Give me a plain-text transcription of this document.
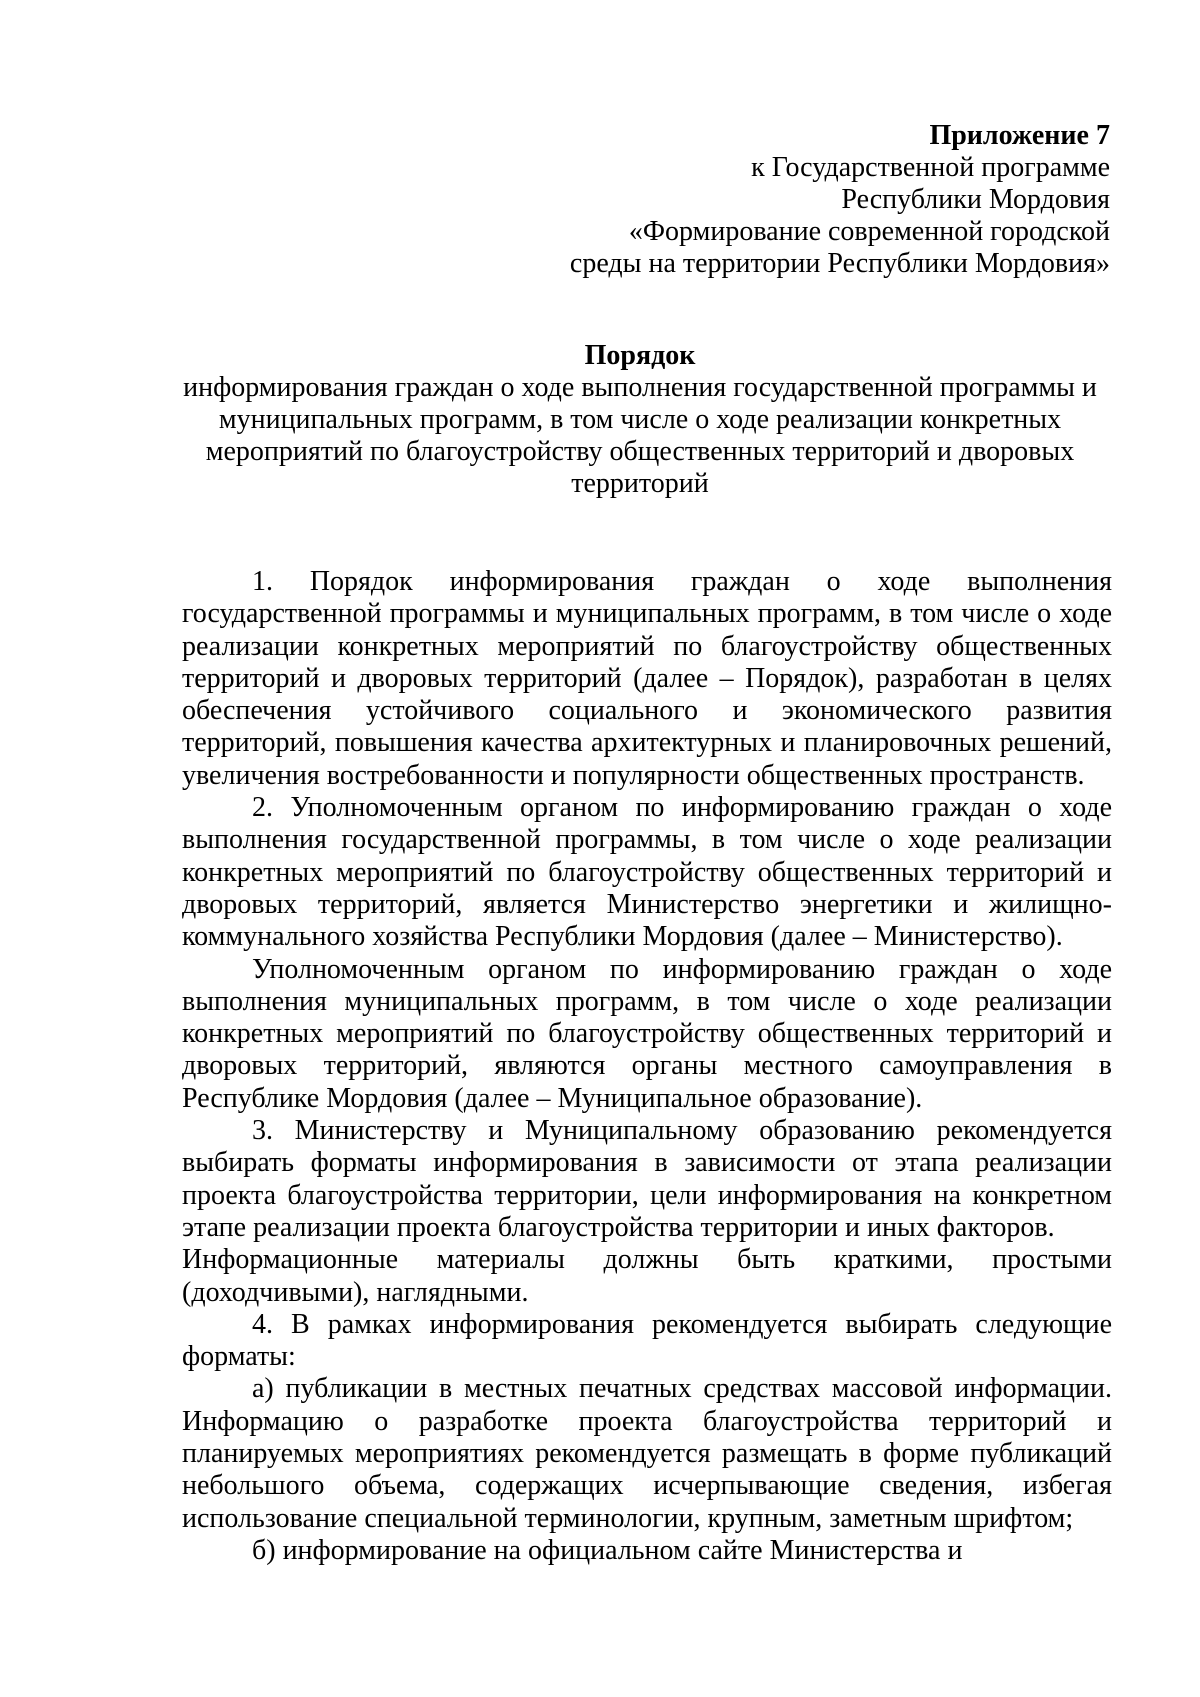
Приложение 7
к Государственной программе
Республики Мордовия
«Формирование современной городской
среды на территории Республики Мордовия»
Порядок
информирования граждан о ходе выполнения государственной программы и
муниципальных программ, в том числе о ходе реализации конкретных
мероприятий по благоустройству общественных территорий и дворовых
территорий

1. Порядок информирования граждан о ходе выполнения государственной программы и муниципальных программ, в том числе о ходе реализации конкретных мероприятий по благоустройству общественных территорий и дворовых территорий (далее – Порядок), разработан в целях обеспечения устойчивого социального и экономического развития территорий, повышения качества архитектурных и планировочных решений, увеличения востребованности и популярности общественных пространств.

2. Уполномоченным органом по информированию граждан о ходе выполнения государственной программы, в том числе о ходе реализации конкретных мероприятий по благоустройству общественных территорий и дворовых территорий, является Министерство энергетики и жилищно-коммунального хозяйства Республики Мордовия (далее – Министерство).

Уполномоченным органом по информированию граждан о ходе выполнения муниципальных программ, в том числе о ходе реализации конкретных мероприятий по благоустройству общественных территорий и дворовых территорий, являются органы местного самоуправления в Республике Мордовия (далее – Муниципальное образование).

3. Министерству и Муниципальному образованию рекомендуется выбирать форматы информирования в зависимости от этапа реализации проекта благоустройства территории, цели информирования на конкретном этапе реализации проекта благоустройства территории и иных факторов.

Информационные материалы должны быть краткими, простыми (доходчивыми), наглядными.

4. В рамках информирования рекомендуется выбирать следующие форматы:

а) публикации в местных печатных средствах массовой информации. Информацию о разработке проекта благоустройства территорий и планируемых мероприятиях рекомендуется размещать в форме публикаций небольшого объема, содержащих исчерпывающие сведения, избегая использование специальной терминологии, крупным, заметным шрифтом;

б) информирование на официальном сайте Министерства и
